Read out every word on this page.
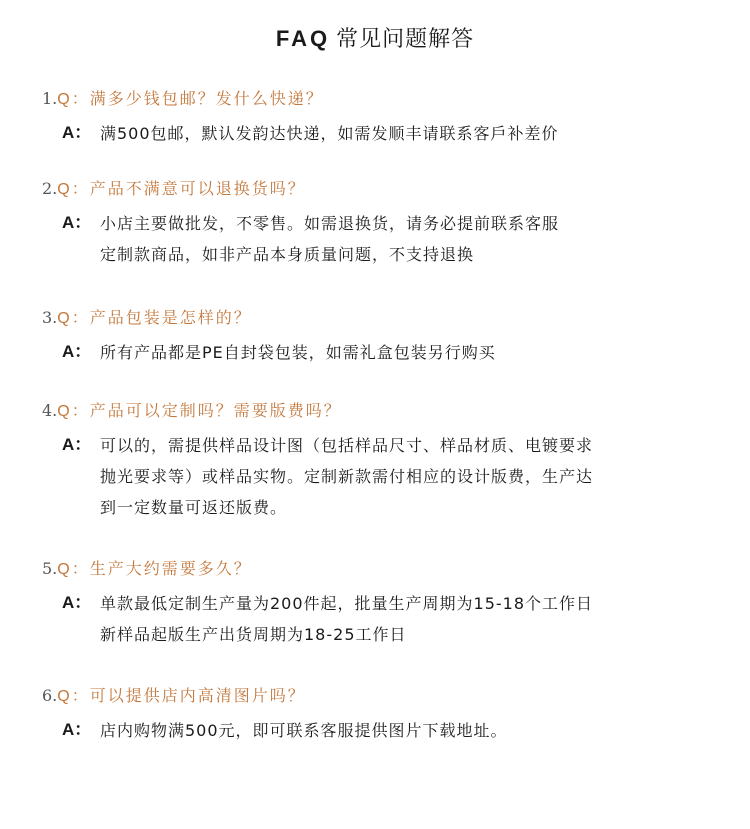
FAQ 常见问题解答
1.Q：满多少钱包邮？发什么快递？
A： 满500包邮，默认发韵达快递，如需发顺丰请联系客戶补差价
2.Q：产品不满意可以退换货吗？
A： 小店主要做批发，不零售。如需退换货，请务必提前联系客服
定制款商品，如非产品本身质量问题，不支持退换
3.Q：产品包装是怎样的？
A： 所有产品都是PE自封袋包装，如需礼盒包装另行购买
4.Q：产品可以定制吗？需要版费吗？
A： 可以的，需提供样品设计图（包括样品尺寸、样品材质、电镀要求
抛光要求等）或样品实物。定制新款需付相应的设计版费，生产达
到一定数量可返还版费。
5.Q：生产大约需要多久？
A： 单款最低定制生产量为200件起，批量生产周期为15-18个工作日
新样品起版生产出货周期为18-25工作日
6.Q：可以提供店内高清图片吗？
A： 店内购物满500元，即可联系客服提供图片下载地址。
